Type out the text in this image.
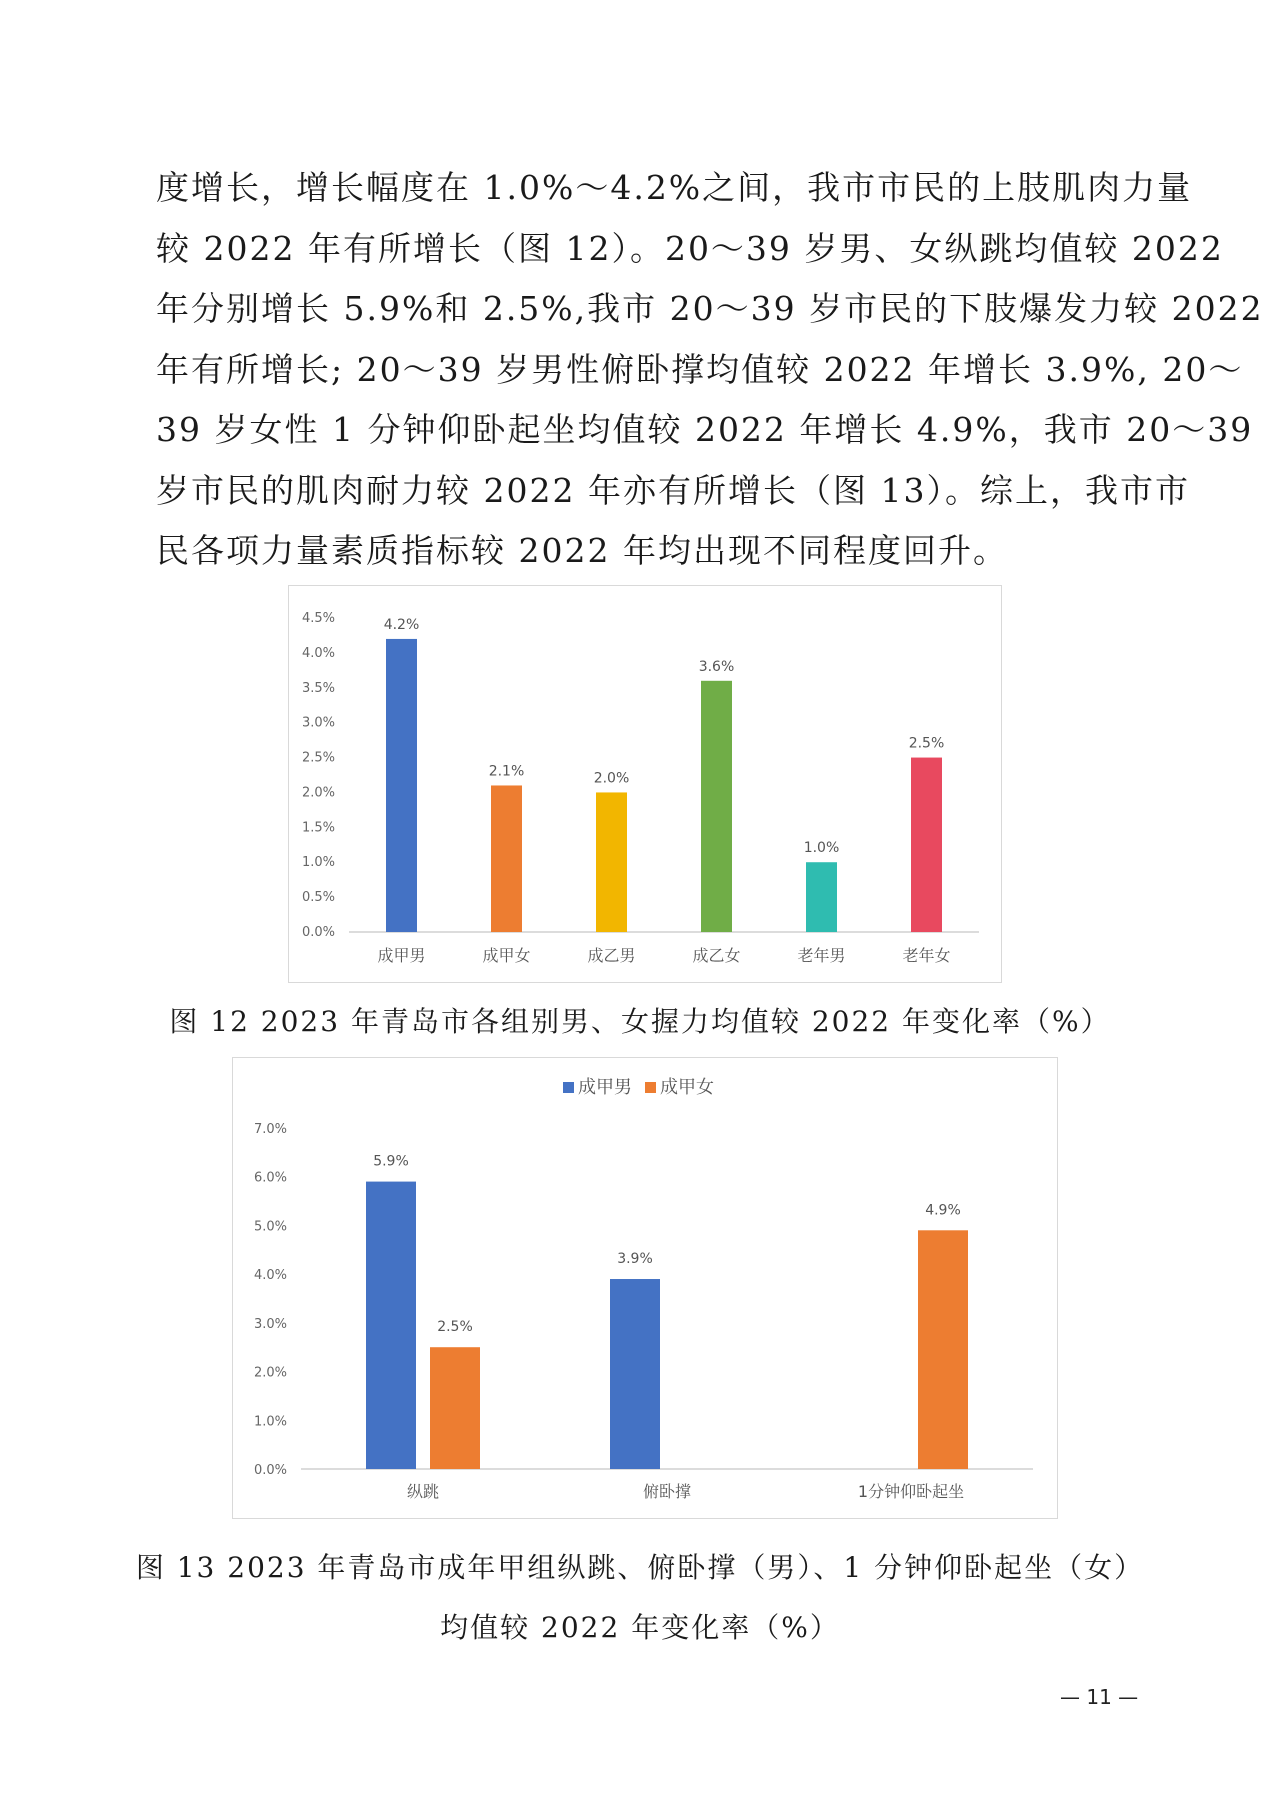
度增长，增长幅度在 1.0%～4.2%之间，我市市民的上肢肌肉力量
较 2022 年有所增长（图 12）。20～39 岁男、女纵跳均值较 2022
年分别增长 5.9%和 2.5%,我市 20～39 岁市民的下肢爆发力较 2022
年有所增长; 20～39 岁男性俯卧撑均值较 2022 年增长 3.9%, 20～
39 岁女性 1 分钟仰卧起坐均值较 2022 年增长 4.9%，我市 20～39
岁市民的肌肉耐力较 2022 年亦有所增长（图 13）。综上，我市市
民各项力量素质指标较 2022 年均出现不同程度回升。
0.0%
0.5%
1.0%
1.5%
2.0%
2.5%
3.0%
3.5%
4.0%
4.5%	4.2%
成甲男
2.1%
成甲女
2.0%
成乙男
3.6%
成乙女
1.0%
老年男
2.5%
老年女
图 12 2023 年青岛市各组别男、女握力均值较 2022 年变化率（%）
成甲男 成甲女
0.0%
1.0%
2.0%
3.0%
4.0%
5.0%
6.0%
7.0%
纵跳
5.9%
2.5%
俯卧撑
3.9%
1分钟仰卧起坐
4.9%
图 13 2023 年青岛市成年甲组纵跳、俯卧撑（男）、1 分钟仰卧起坐（女）
均值较 2022 年变化率（%）
— 11 —
